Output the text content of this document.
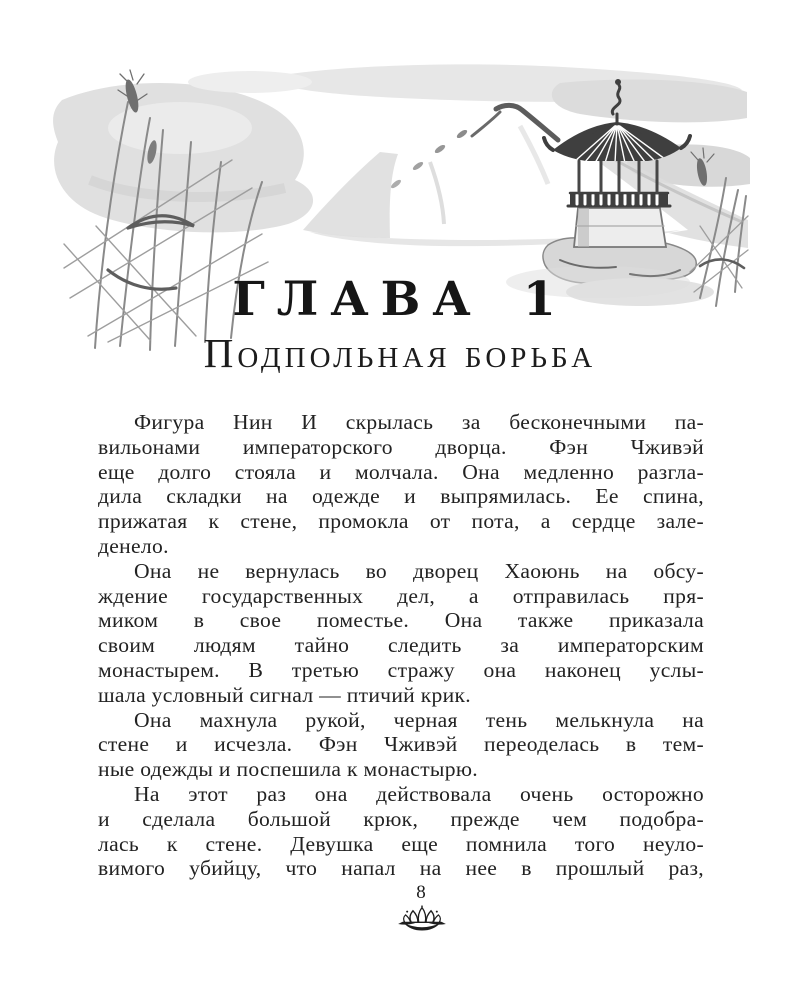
ГЛАВА 1
Подпольная борьба
Фигура Нин И скрылась за бесконечными па-
вильонами императорского дворца. Фэн Чживэй
еще долго стояла и молчала. Она медленно разгла-
дила складки на одежде и выпрямилась. Ее спина,
прижатая к стене, промокла от пота, а сердце зале-
денело.
Она не вернулась во дворец Хаоюнь на обсу-
ждение государственных дел, а отправилась пря-
миком в свое поместье. Она также приказала
своим людям тайно следить за императорским
монастырем. В третью стражу она наконец услы-
шала условный сигнал — птичий крик.
Она махнула рукой, черная тень мелькнула на
стене и исчезла. Фэн Чживэй переоделась в тем-
ные одежды и поспешила к монастырю.
На этот раз она действовала очень осторожно
и сделала большой крюк, прежде чем подобра-
лась к стене. Девушка еще помнила того неуло-
вимого убийцу, что напал на нее в прошлый раз,
8
